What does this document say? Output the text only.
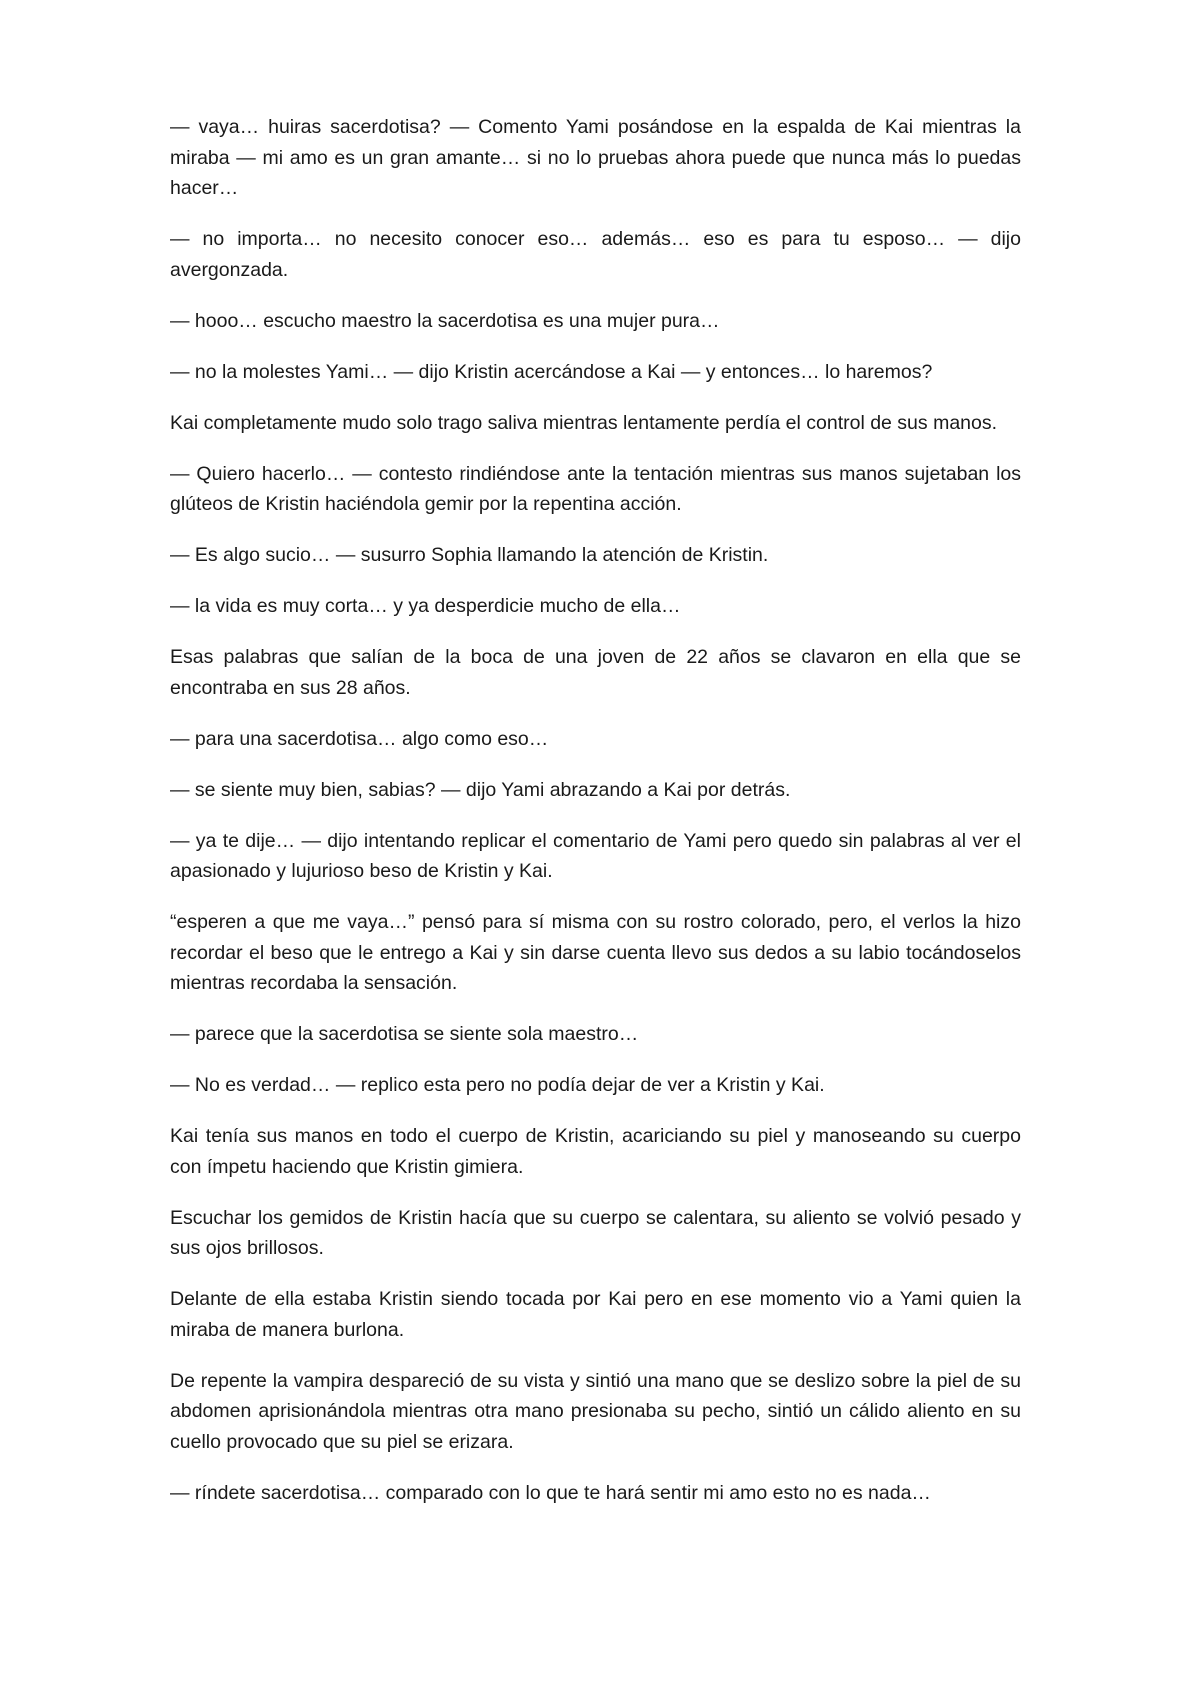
— vaya… huiras sacerdotisa? — Comento Yami posándose en la espalda de Kai mientras la miraba — mi amo es un gran amante… si no lo pruebas ahora puede que nunca más lo puedas hacer…

— no importa… no necesito conocer eso… además… eso es para tu esposo… — dijo avergonzada.

— hooo… escucho maestro la sacerdotisa es una mujer pura…

— no la molestes Yami… — dijo Kristin acercándose a Kai — y entonces… lo haremos?

Kai completamente mudo solo trago saliva mientras lentamente perdía el control de sus manos.

— Quiero hacerlo… — contesto rindiéndose ante la tentación mientras sus manos sujetaban los glúteos de Kristin haciéndola gemir por la repentina acción.

— Es algo sucio… — susurro Sophia llamando la atención de Kristin.

— la vida es muy corta… y ya desperdicie mucho de ella…

Esas palabras que salían de la boca de una joven de 22 años se clavaron en ella que se encontraba en sus 28 años.

— para una sacerdotisa… algo como eso…

— se siente muy bien, sabias? — dijo Yami abrazando a Kai por detrás.

— ya te dije… — dijo intentando replicar el comentario de Yami pero quedo sin palabras al ver el apasionado y lujurioso beso de Kristin y Kai.

“esperen a que me vaya…” pensó para sí misma con su rostro colorado, pero, el verlos la hizo recordar el beso que le entrego a Kai y sin darse cuenta llevo sus dedos a su labio tocándoselos mientras recordaba la sensación.

— parece que la sacerdotisa se siente sola maestro…

— No es verdad… — replico esta pero no podía dejar de ver a Kristin y Kai.

Kai tenía sus manos en todo el cuerpo de Kristin, acariciando su piel y manoseando su cuerpo con ímpetu haciendo que Kristin gimiera.

Escuchar los gemidos de Kristin hacía que su cuerpo se calentara, su aliento se volvió pesado y sus ojos brillosos.

Delante de ella estaba Kristin siendo tocada por Kai pero en ese momento vio a Yami quien la miraba de manera burlona.

De repente la vampira despareció de su vista y sintió una mano que se deslizo sobre la piel de su abdomen aprisionándola mientras otra mano presionaba su pecho, sintió un cálido aliento en su cuello provocado que su piel se erizara.

— ríndete sacerdotisa… comparado con lo que te hará sentir mi amo esto no es nada…
